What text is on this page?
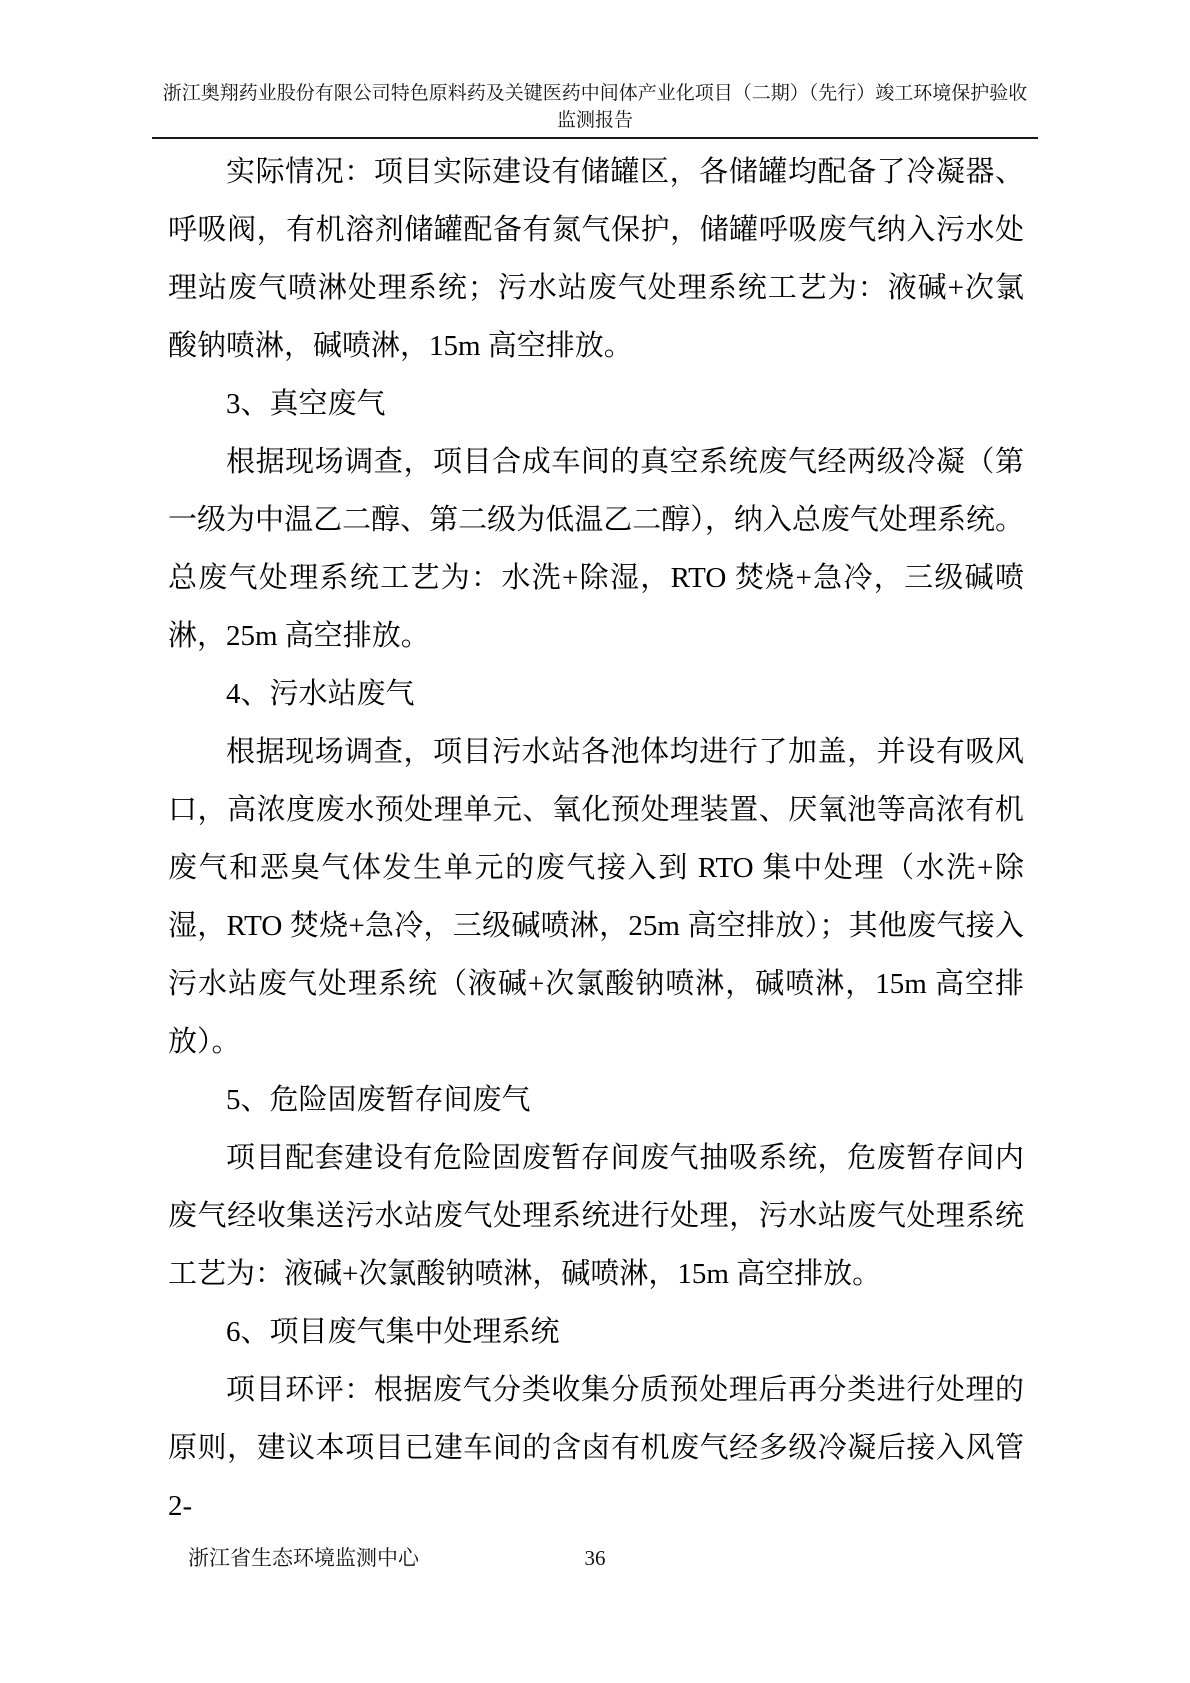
浙江奥翔药业股份有限公司特色原料药及关键医药中间体产业化项目（二期）（先行）竣工环境保护验收
监测报告

实际情况：项目实际建设有储罐区，各储罐均配备了冷凝器、呼吸阀，有机溶剂储罐配备有氮气保护，储罐呼吸废气纳入污水处理站废气喷淋处理系统；污水站废气处理系统工艺为：液碱+次氯酸钠喷淋，碱喷淋，15m 高空排放。

3、真空废气

根据现场调查，项目合成车间的真空系统废气经两级冷凝（第一级为中温乙二醇、第二级为低温乙二醇），纳入总废气处理系统。总废气处理系统工艺为：水洗+除湿，RTO 焚烧+急冷，三级碱喷淋，25m 高空排放。

4、污水站废气

根据现场调查，项目污水站各池体均进行了加盖，并设有吸风口，高浓度废水预处理单元、氧化预处理装置、厌氧池等高浓有机废气和恶臭气体发生单元的废气接入到 RTO 集中处理（水洗+除湿，RTO 焚烧+急冷，三级碱喷淋，25m 高空排放）；其他废气接入污水站废气处理系统（液碱+次氯酸钠喷淋，碱喷淋，15m 高空排放）。

5、危险固废暂存间废气

项目配套建设有危险固废暂存间废气抽吸系统，危废暂存间内废气经收集送污水站废气处理系统进行处理，污水站废气处理系统工艺为：液碱+次氯酸钠喷淋，碱喷淋，15m 高空排放。

6、项目废气集中处理系统

项目环评：根据废气分类收集分质预处理后再分类进行处理的原则，建议本项目已建车间的含卤有机废气经多级冷凝后接入风管 2-

浙江省生态环境监测中心	36
